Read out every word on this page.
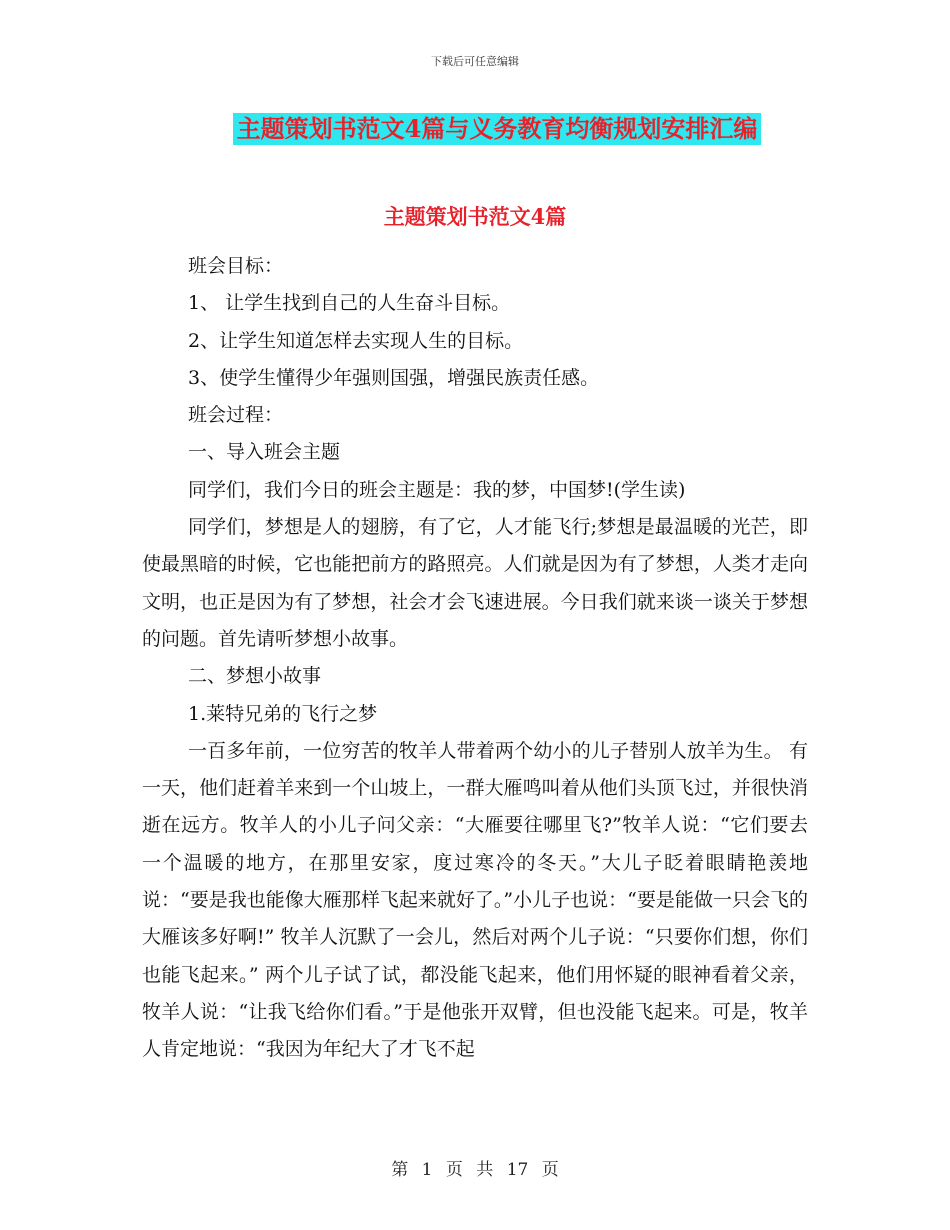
下载后可任意编辑
主题策划书范文4篇与义务教育均衡规划安排汇编
主题策划书范文4篇

班会目标：

1、 让学生找到自己的人生奋斗目标。

2、让学生知道怎样去实现人生的目标。

3、使学生懂得少年强则国强，增强民族责任感。

班会过程：

一、导入班会主题

同学们，我们今日的班会主题是：我的梦，中国梦!(学生读)

同学们，梦想是人的翅膀，有了它，人才能飞行;梦想是最温暖的光芒，即使最黑暗的时候，它也能把前方的路照亮。人们就是因为有了梦想，人类才走向文明，也正是因为有了梦想，社会才会飞速进展。今日我们就来谈一谈关于梦想的问题。首先请听梦想小故事。

二、梦想小故事

1.莱特兄弟的飞行之梦

一百多年前，一位穷苦的牧羊人带着两个幼小的儿子替别人放羊为生。 有一天，他们赶着羊来到一个山坡上，一群大雁鸣叫着从他们头顶飞过，并很快消逝在远方。牧羊人的小儿子问父亲：“大雁要往哪里飞?”牧羊人说：“它们要去一个温暖的地方，在那里安家，度过寒冷的冬天。”大儿子眨着眼睛艳羡地说：“要是我也能像大雁那样飞起来就好了。”小儿子也说：“要是能做一只会飞的大雁该多好啊!” 牧羊人沉默了一会儿，然后对两个儿子说：“只要你们想，你们也能飞起来。” 两个儿子试了试，都没能飞起来，他们用怀疑的眼神看着父亲，牧羊人说：“让我飞给你们看。”于是他张开双臂，但也没能飞起来。可是，牧羊人肯定地说：“我因为年纪大了才飞不起

第 1 页 共 17 页
